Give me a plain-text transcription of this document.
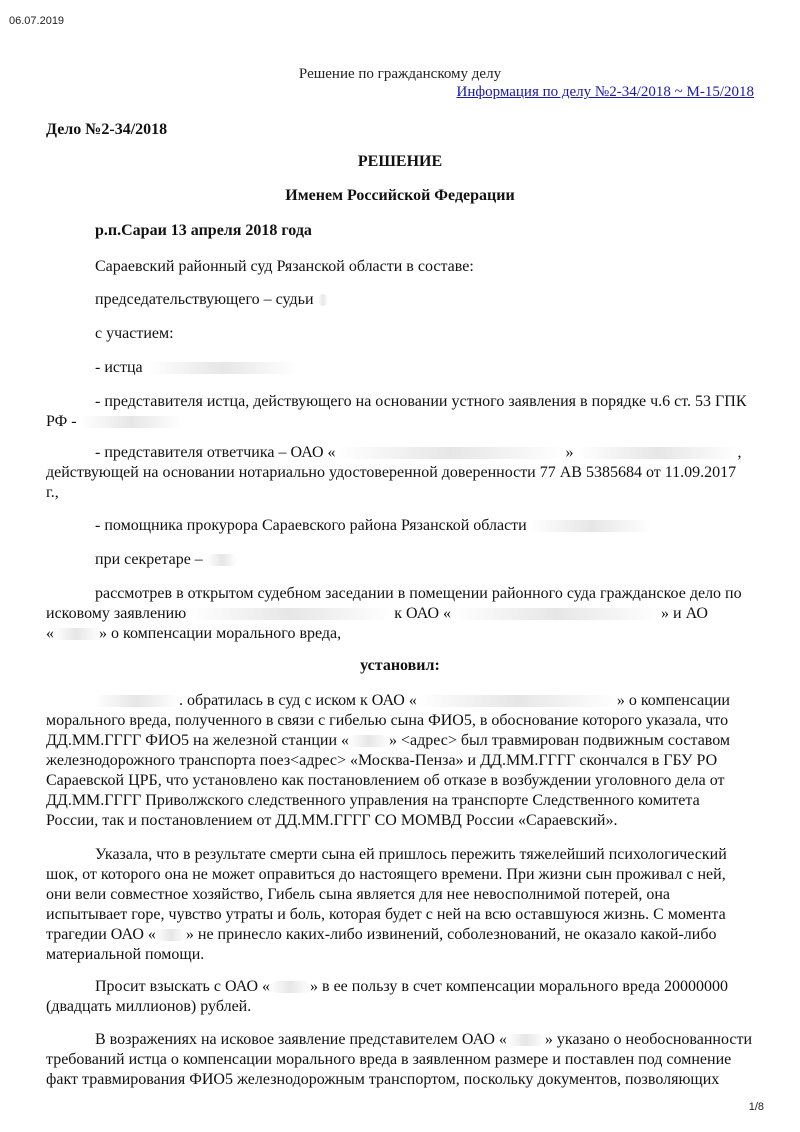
06.07.2019
Решение по гражданскому делу
Информация по делу №2-34/2018 ~ М-15/2018
Дело №2-34/2018
РЕШЕНИЕ
Именем Российской Федерации
р.п.Сараи 13 апреля 2018 года
Сараевский районный суд Рязанской области в составе:
председательствующего – судьи
с участием:
- истца
- представителя истца, действующего на основании устного заявления в порядке ч.6 ст. 53 ГПК
РФ -
- представителя ответчика – ОАО «	»	,
действующей на основании нотариально удостоверенной доверенности 77 АВ 5385684 от 11.09.2017
г.,
- помощника прокурора Сараевского района Рязанской области
при секретаре –
рассмотрев в открытом судебном заседании в помещении районного суда гражданское дело по
исковому заявлению	к ОАО «	» и АО
«	» о компенсации морального вреда,
установил:
. обратилась в суд с иском к ОАО «	» о компенсации
морального вреда, полученного в связи с гибелью сына ФИО5, в обоснование которого указала, что
ДД.ММ.ГГГГ ФИО5 на железной станции «	» <адрес> был травмирован подвижным составом
железнодорожного транспорта поез<адрес> «Москва-Пенза» и ДД.ММ.ГГГГ скончался в ГБУ РО
Сараевской ЦРБ, что установлено как постановлением об отказе в возбуждении уголовного дела от
ДД.ММ.ГГГГ Приволжского следственного управления на транспорте Следственного комитета
России, так и постановлением от ДД.ММ.ГГГГ СО МОМВД России «Сараевский».
Указала, что в результате смерти сына ей пришлось пережить тяжелейший психологический
шок, от которого она не может оправиться до настоящего времени. При жизни сын проживал с ней,
они вели совместное хозяйство, Гибель сына является для нее невосполнимой потерей, она
испытывает горе, чувство утраты и боль, которая будет с ней на всю оставшуюся жизнь. С момента
трагедии ОАО « » не принесло каких-либо извинений, соболезнований, не оказало какой-либо
материальной помощи.
Просит взыскать с ОАО «	» в ее пользу в счет компенсации морального вреда 20000000
(двадцать миллионов) рублей.
В возражениях на исковое заявление представителем ОАО « » указано о необоснованности
требований истца о компенсации морального вреда в заявленном размере и поставлен под сомнение
факт травмирования ФИО5 железнодорожным транспортом, поскольку документов, позволяющих
1/8
